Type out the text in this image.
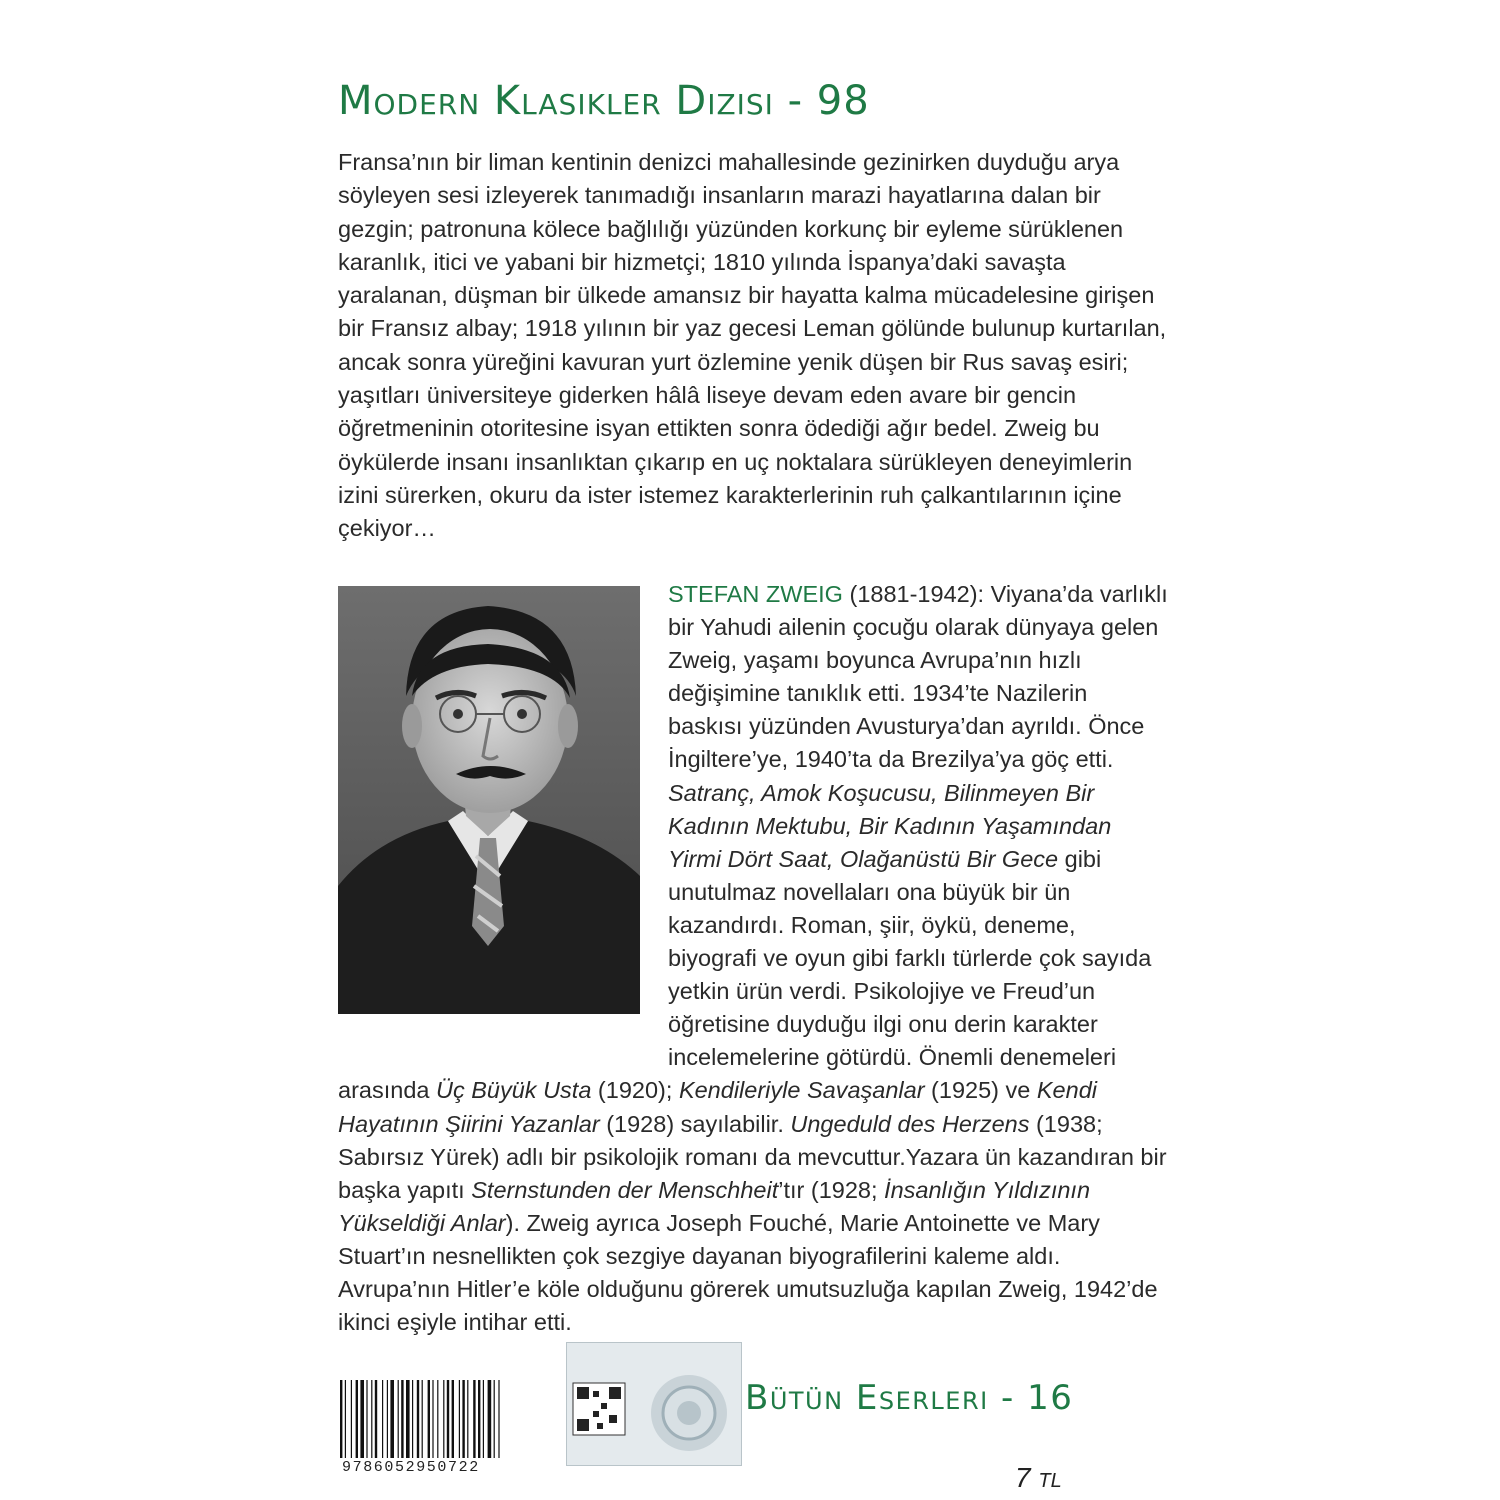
Modern Klasikler Dizisi - 98

Fransa’nın bir liman kentinin denizci mahallesinde gezinirken duyduğu arya söyleyen sesi izleyerek tanımadığı insanların marazi hayatlarına dalan bir gezgin; patronuna kölece bağlılığı yüzünden korkunç bir eyleme sürüklenen karanlık, itici ve yabani bir hizmetçi; 1810 yılında İspanya’daki savaşta yaralanan, düşman bir ülkede amansız bir hayatta kalma mücadelesine girişen bir Fransız albay; 1918 yılının bir yaz gecesi Leman gölünde bulunup kurtarılan, ancak sonra yüreğini kavuran yurt özlemine yenik düşen bir Rus savaş esiri; yaşıtları üniversiteye giderken hâlâ liseye devam eden avare bir gencin öğretmeninin otoritesine isyan ettikten sonra ödediği ağır bedel. Zweig bu öykülerde insanı insanlıktan çıkarıp en uç noktalara sürükleyen deneyimlerin izini sürerken, okuru da ister istemez karakterlerinin ruh çalkantılarının içine çekiyor…

STEFAN ZWEIG (1881-1942): Viyana’da varlıklı bir Yahudi ailenin çocuğu olarak dünyaya gelen Zweig, yaşamı boyunca Avrupa’nın hızlı değişimine tanıklık etti. 1934’te Nazilerin baskısı yüzünden Avusturya’dan ayrıldı. Önce İngiltere’ye, 1940’ta da Brezilya’ya göç etti. Satranç, Amok Koşucusu, Bilinmeyen Bir Kadının Mektubu, Bir Kadının Yaşamından Yirmi Dört Saat, Olağanüstü Bir Gece gibi unutulmaz novellaları ona büyük bir ün kazandırdı. Roman, şiir, öykü, deneme, biyografi ve oyun gibi farklı türlerde çok sayıda yetkin ürün verdi. Psikolojiye ve Freud’un öğretisine duyduğu ilgi onu derin karakter incelemelerine götürdü. Önemli denemeleri arasında Üç Büyük Usta (1920); Kendileriyle Savaşanlar (1925) ve Kendi Hayatının Şiirini Yazanlar (1928) sayılabilir. Ungeduld des Herzens (1938; Sabırsız Yürek) adlı bir psikolojik romanı da mevcuttur.Yazara ün kazandıran bir başka yapıtı Sternstunden der Menschheit’tır (1928; İnsanlığın Yıldızının Yükseldiği Anlar). Zweig ayrıca Joseph Fouché, Marie Antoinette ve Mary Stuart’ın nesnellikten çok sezgiye dayanan biyografilerini kaleme aldı. Avrupa’nın Hitler’e köle olduğunu görerek umutsuzluğa kapılan Zweig, 1942’de ikinci eşiyle intihar etti.

Bütün Eserleri - 16
9786052950722	7 TL
